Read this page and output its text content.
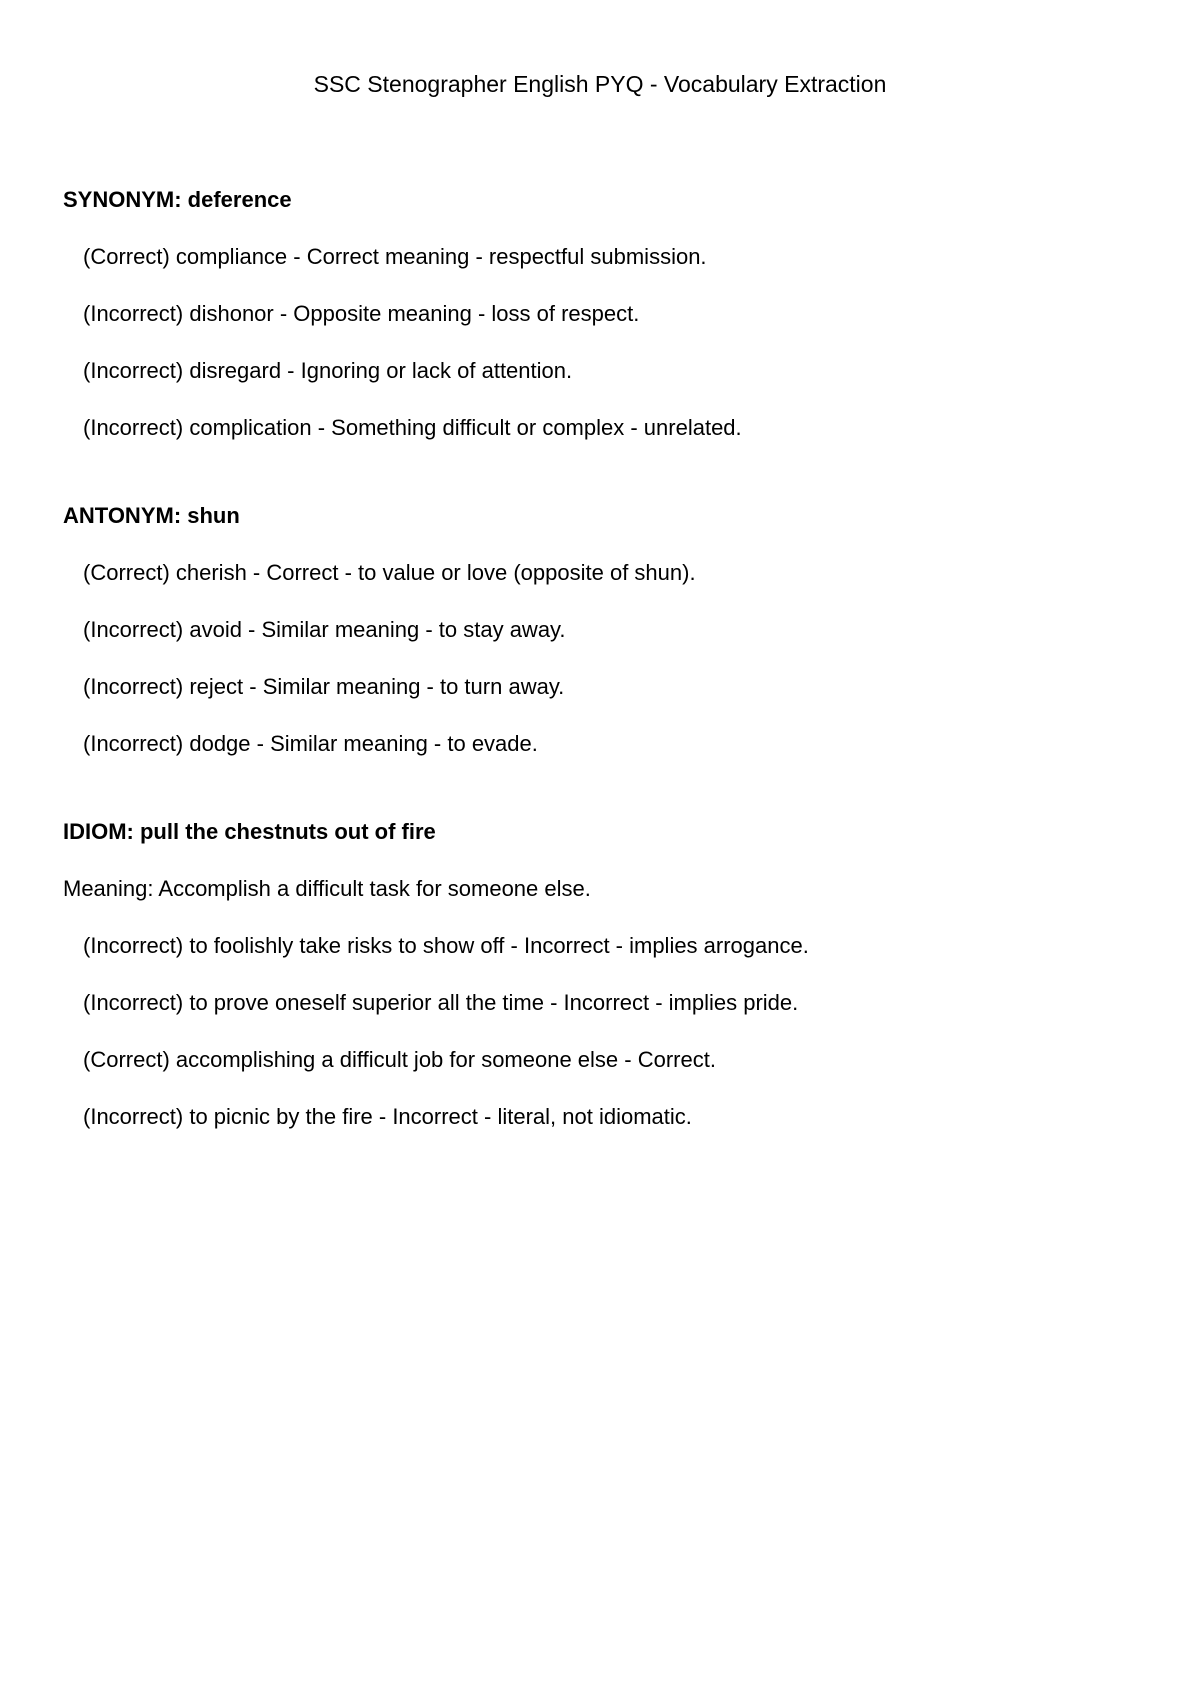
SSC Stenographer English PYQ - Vocabulary Extraction
SYNONYM: deference
(Correct) compliance - Correct meaning - respectful submission.
(Incorrect) dishonor - Opposite meaning - loss of respect.
(Incorrect) disregard - Ignoring or lack of attention.
(Incorrect) complication - Something difficult or complex - unrelated.
ANTONYM: shun
(Correct) cherish - Correct - to value or love (opposite of shun).
(Incorrect) avoid - Similar meaning - to stay away.
(Incorrect) reject - Similar meaning - to turn away.
(Incorrect) dodge - Similar meaning - to evade.
IDIOM: pull the chestnuts out of fire
Meaning: Accomplish a difficult task for someone else.
(Incorrect) to foolishly take risks to show off - Incorrect - implies arrogance.
(Incorrect) to prove oneself superior all the time - Incorrect - implies pride.
(Correct) accomplishing a difficult job for someone else - Correct.
(Incorrect) to picnic by the fire - Incorrect - literal, not idiomatic.
